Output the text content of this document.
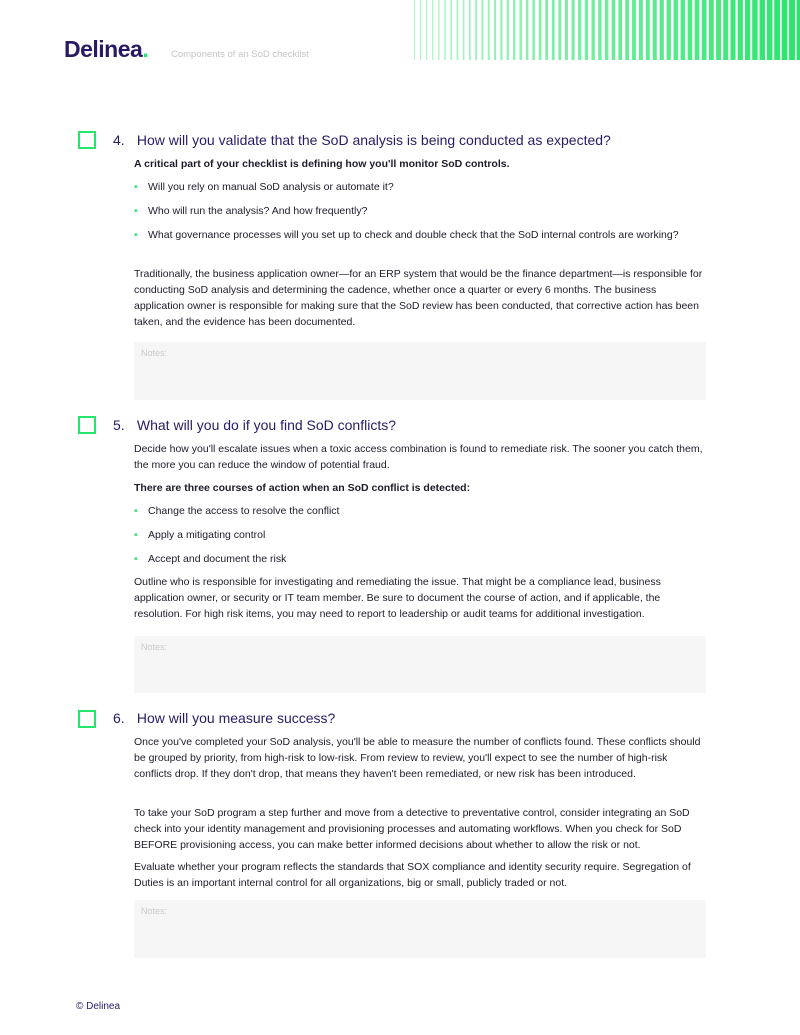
Delinea. Components of an SoD checklist
4. How will you validate that the SoD analysis is being conducted as expected?
A critical part of your checklist is defining how you'll monitor SoD controls.
• Will you rely on manual SoD analysis or automate it?
• Who will run the analysis? And how frequently?
• What governance processes will you set up to check and double check that the SoD internal controls are working?
Traditionally, the business application owner—for an ERP system that would be the finance department—is responsible for conducting SoD analysis and determining the cadence, whether once a quarter or every 6 months. The business application owner is responsible for making sure that the SoD review has been conducted, that corrective action has been taken, and the evidence has been documented.
Notes:
5. What will you do if you find SoD conflicts?
Decide how you'll escalate issues when a toxic access combination is found to remediate risk. The sooner you catch them, the more you can reduce the window of potential fraud.
There are three courses of action when an SoD conflict is detected:
• Change the access to resolve the conflict
• Apply a mitigating control
• Accept and document the risk
Outline who is responsible for investigating and remediating the issue. That might be a compliance lead, business application owner, or security or IT team member. Be sure to document the course of action, and if applicable, the resolution. For high risk items, you may need to report to leadership or audit teams for additional investigation.
Notes:
6. How will you measure success?
Once you've completed your SoD analysis, you'll be able to measure the number of conflicts found. These conflicts should be grouped by priority, from high-risk to low-risk. From review to review, you'll expect to see the number of high-risk conflicts drop. If they don't drop, that means they haven't been remediated, or new risk has been introduced.
To take your SoD program a step further and move from a detective to preventative control, consider integrating an SoD check into your identity management and provisioning processes and automating workflows. When you check for SoD BEFORE provisioning access, you can make better informed decisions about whether to allow the risk or not.
Evaluate whether your program reflects the standards that SOX compliance and identity security require. Segregation of Duties is an important internal control for all organizations, big or small, publicly traded or not.
Notes:
© Delinea
